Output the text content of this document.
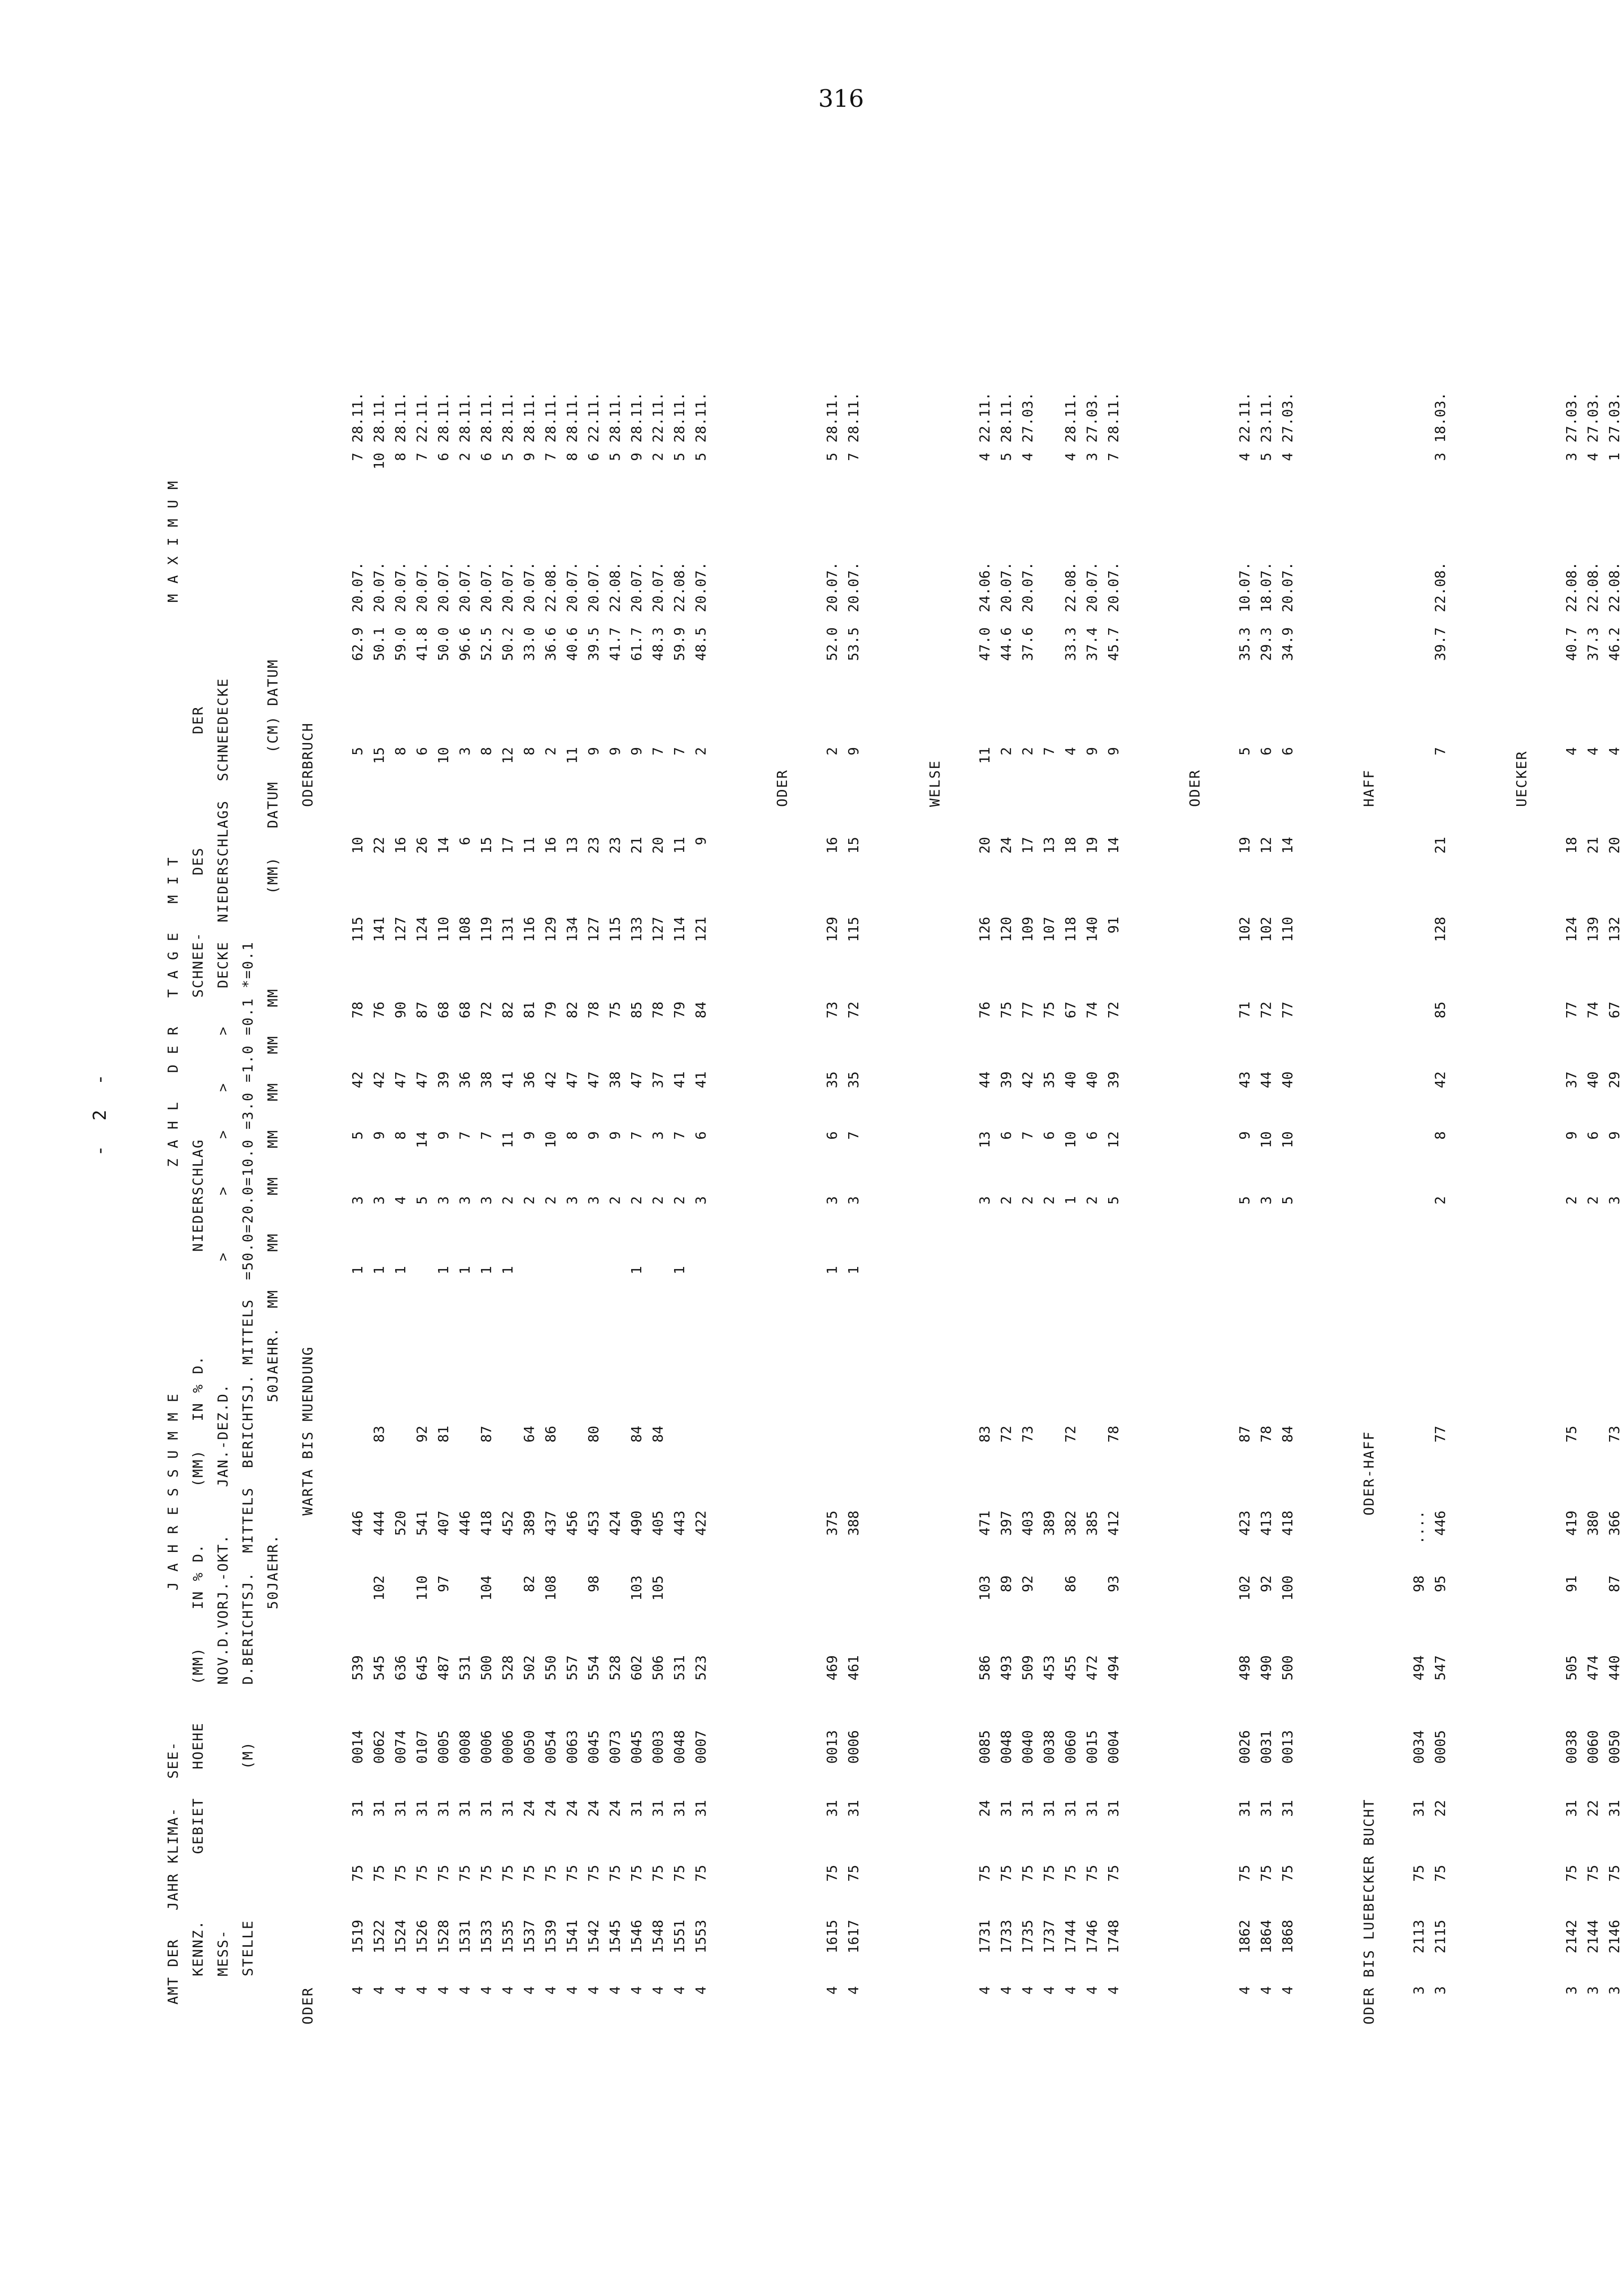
316
- 2 -	AMT DER   JAHR KLIMA-   SEE-                J A H R E S S U M M E                        Z A H L   D E R   T A G E   M I T                           M A X I M U M KENNZ.       GEBIET   HOEHE    (MM)    IN % D.      (MM)   IN % D.           NIEDERSCHLAG               SCHNEE-      DES            DER MESS-                          NOV.D.VORJ.-OKT.     JAN.-DEZ.D.             >      >     >    >     >    DECKE  NIEDERSCHLAGS  SCHNEEDECKE STELLE                (M)      D.BERICHTSJ.  MITTELS  BERICHTSJ. MITTELS  =50.0=20.0=10.0 =3.0 =1.0 =0.1 *=0.1 50JAEHR.              50JAEHR.  MM    MM    MM   MM   MM   MM   MM          (MM)   DATUM   (CM) DATUM
ODER
WARTA BIS MUENDUNG
ODERBRUCH
4
1519
75
31
0014
539
446
1
3
5
42
78
115
10
5
62.9
20.07.
7
28.11.
4
1522
75
31
0062
545
102
444
83
1
3
9
42
76
141
22
15
50.1
20.07.
10
28.11.
4
1524
75
31
0074
636
520
1
4
8
47
90
127
16
8
59.0
20.07.
8
28.11.
4
1526
75
31
0107
645
110
541
92
5
14
47
87
124
26
6
41.8
20.07.
7
22.11.
4
1528
75
31
0005
487
97
407
81
1
3
9
39
68
110
14
10
50.0
20.07.
6
28.11.
4
1531
75
31
0008
531
446
1
3
7
36
68
108
6
3
96.6
20.07.
2
28.11.
4
1533
75
31
0006
500
104
418
87
1
3
7
38
72
119
15
8
52.5
20.07.
6
28.11.
4
1535
75
31
0006
528
452
1
2
11
41
82
131
17
12
50.2
20.07.
5
28.11.
4
1537
75
24
0050
502
82
389
64
2
9
36
81
116
11
8
33.0
20.07.
9
28.11.
4
1539
75
24
0054
550
108
437
86
2
10
42
79
129
16
2
36.6
22.08.
7
28.11.
4
1541
75
24
0063
557
456
3
8
47
82
134
13
11
40.6
20.07.
8
28.11.
4
1542
75
24
0045
554
98
453
80
3
9
47
78
127
23
9
39.5
20.07.
6
22.11.
4
1545
75
24
0073
528
424
2
9
38
75
115
23
9
41.7
22.08.
5
28.11.
4
1546
75
31
0045
602
103
490
84
1
2
7
47
85
133
21
9
61.7
20.07.
9
28.11.
4
1548
75
31
0003
506
105
405
84
2
3
37
78
127
20
7
48.3
20.07.
2
22.11.
4
1551
75
31
0048
531
443
1
2
7
41
79
114
11
7
59.9
22.08.
5
28.11.
4
1553
75
31
0007
523
422
3
6
41
84
121
9
2
48.5
20.07.
5
28.11.
ODER
4
1615
75
31
0013
469
375
1
3
6
35
73
129
16
2
52.0
20.07.
5
28.11.
4
1617
75
31
0006
461
388
1
3
7
35
72
115
15
9
53.5
20.07.
7
28.11.
WELSE
4
1731
75
24
0085
586
103
471
83
3
13
44
76
126
20
11
47.0
24.06.
4
22.11.
4
1733
75
31
0048
493
89
397
72
2
6
39
75
120
24
2
44.6
20.07.
5
28.11.
4
1735
75
31
0040
509
92
403
73
2
7
42
77
109
17
2
37.6
20.07.
4
27.03.
4
1737
75
31
0038
453
389
2
6
35
75
107
13
7
4
1744
75
31
0060
455
86
382
72
1
10
40
67
118
18
4
33.3
22.08.
4
28.11.
4
1746
75
31
0015
472
385
2
6
40
74
140
19
9
37.4
20.07.
3
27.03.
4
1748
75
31
0004
494
93
412
78
5
12
39
72
91
14
9
45.7
20.07.
7
28.11.
ODER
4
1862
75
31
0026
498
102
423
87
5
9
43
71
102
19
5
35.3
10.07.
4
22.11.
4
1864
75
31
0031
490
92
413
78
3
10
44
72
102
12
6
29.3
18.07.
5
23.11.
4
1868
75
31
0013
500
100
418
84
5
10
40
77
110
14
6
34.9
20.07.
4
27.03.
ODER BIS LUEBECKER BUCHT
ODER-HAFF
HAFF
3
2113
75
31
0034
494
98
....
3
2115
75
22
0005
547
95
446
77
2
8
42
85
128
21
7
39.7
22.08.
3
18.03.
UECKER
3
2142
75
31
0038
505
91
419
75
2
9
37
77
124
18
4
40.7
22.08.
3
27.03.
3
2144
75
22
0060
474
380
2
6
40
74
139
21
4
37.3
22.08.
4
27.03.
3
2146
75
31
0050
440
87
366
73
3
9
29
67
132
20
4
46.2
22.08.
1
27.03.
